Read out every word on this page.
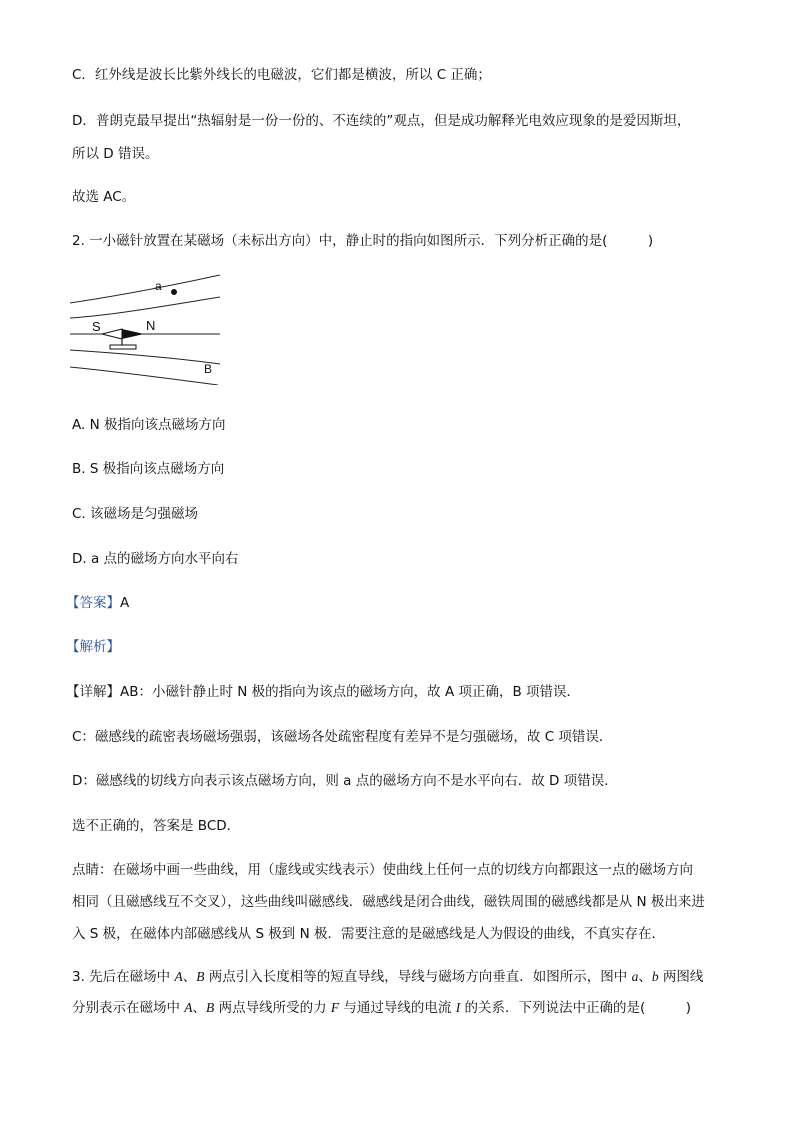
C．红外线是波长比紫外线长的电磁波，它们都是横波，所以 C 正确；
D．普朗克最早提出“热辐射是一份一份的、不连续的”观点，但是成功解释光电效应现象的是爱因斯坦，
所以 D 错误。
故选 AC。
2. 一小磁针放置在某磁场（未标出方向）中，静止时的指向如图所示．下列分析正确的是(　　　)
a
S	N
B
A. N 极指向该点磁场方向
B. S 极指向该点磁场方向
C. 该磁场是匀强磁场
D. a 点的磁场方向水平向右
【答案】A
【解析】
【详解】AB：小磁针静止时 N 极的指向为该点的磁场方向，故 A 项正确，B 项错误．
C：磁感线的疏密表场磁场强弱，该磁场各处疏密程度有差异不是匀强磁场，故 C 项错误．
D：磁感线的切线方向表示该点磁场方向，则 a 点的磁场方向不是水平向右．故 D 项错误．
选不正确的，答案是 BCD．
点睛：在磁场中画一些曲线，用（虚线或实线表示）使曲线上任何一点的切线方向都跟这一点的磁场方向
相同（且磁感线互不交叉），这些曲线叫磁感线．磁感线是闭合曲线，磁铁周围的磁感线都是从 N 极出来进
入 S 极，在磁体内部磁感线从 S 极到 N 极．需要注意的是磁感线是人为假设的曲线，不真实存在．
3. 先后在磁场中 A、B 两点引入长度相等的短直导线，导线与磁场方向垂直．如图所示，图中 a、b 两图线
分别表示在磁场中 A、B 两点导线所受的力 F 与通过导线的电流 I 的关系．下列说法中正确的是(　　　)
